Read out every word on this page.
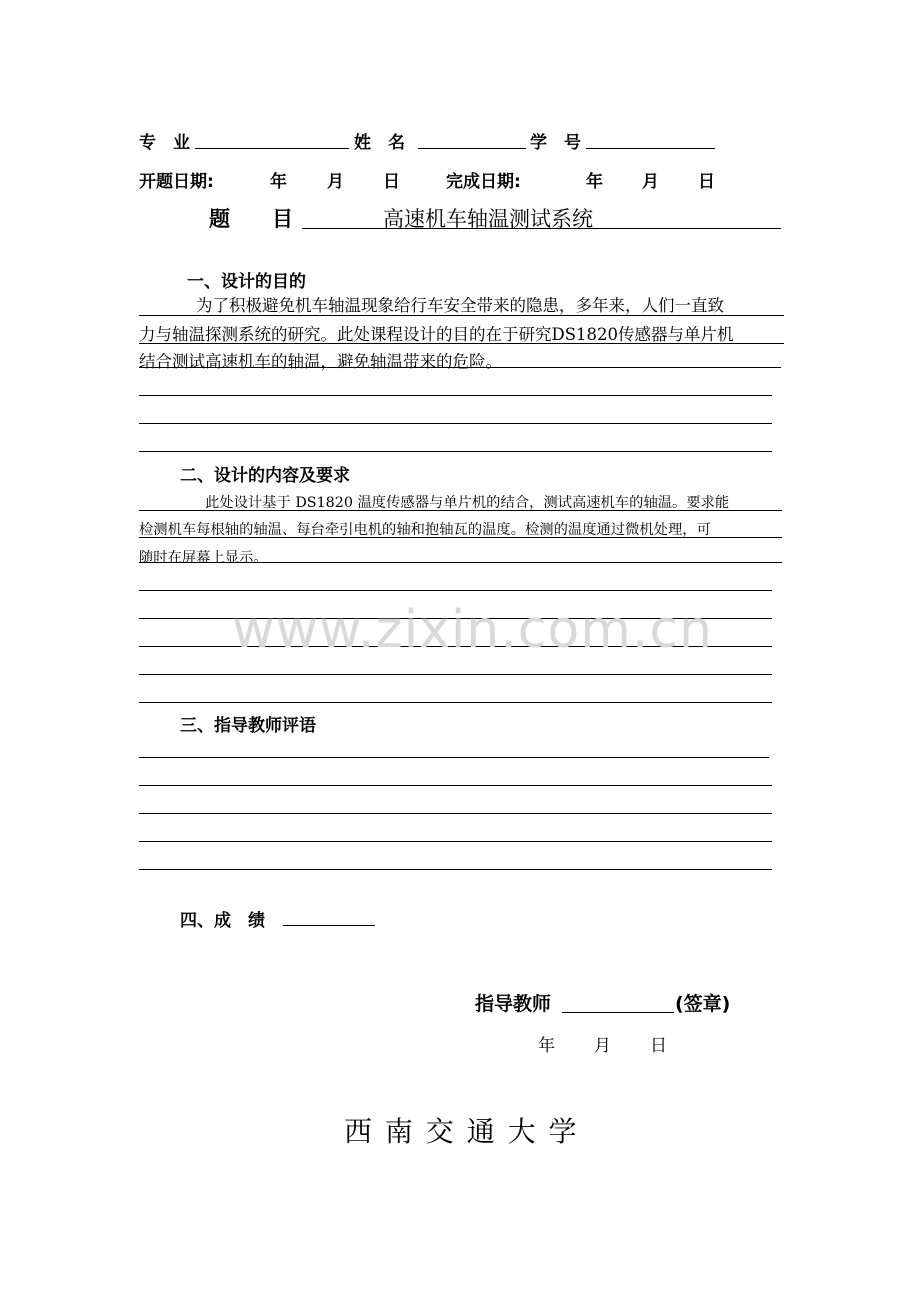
专　业	姓　名	学　号
开题日期:	年 月 日	完成日期:	年 月 日
题　　目	高速机车轴温测试系统
一、设计的目的
为了积极避免机车轴温现象给行车安全带来的隐患，多年来，人们一直致
力与轴温探测系统的研究。此处课程设计的目的在于研究DS1820传感器与单片机
结合测试高速机车的轴温，避免轴温带来的危险。
二、设计的内容及要求
此处设计基于 DS1820 温度传感器与单片机的结合，测试高速机车的轴温。要求能
检测机车每根轴的轴温、每台牵引电机的轴和抱轴瓦的温度。检测的温度通过微机处理，可
随时在屏幕上显示。
www.zixin.com.cn
三、指导教师评语
四、成　绩
指导教师	(签章)
年 月 日
西 南 交 通 大 学
